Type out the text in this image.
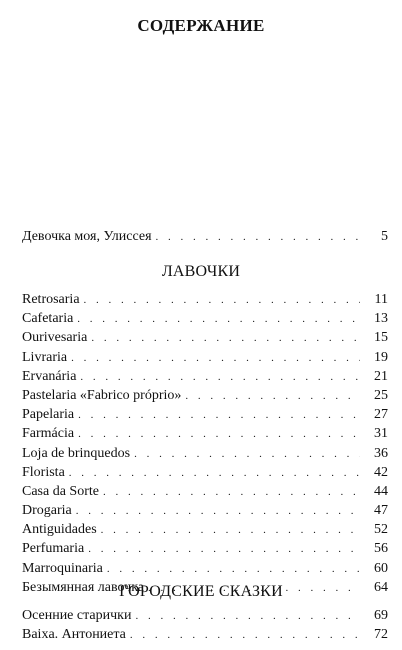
СОДЕРЖАНИЕ
Девочка моя, Улиссея . . .	5
ЛАВОЧКИ
Retrosaria . . .	11
Cafetaria . . .	13
Ourivesaria . . .	15
Livraria . . .	19
Ervanária . . .	21
Pastelaria «Fabrico próprio» . . .	25
Papelaria . . .	27
Farmácia . . .	31
Loja de brinquedos . . .	36
Florista . . .	42
Casa da Sorte . . .	44
Drogaria . . .	47
Antiguidades . . .	52
Perfumaria . . .	56
Marroquinaria . . .	60
Безымянная лавочка . . .	64
ГОРОДСКИЕ СКАЗКИ
Осенние старички . . .	69
Baixa. Антониета . . .	72
